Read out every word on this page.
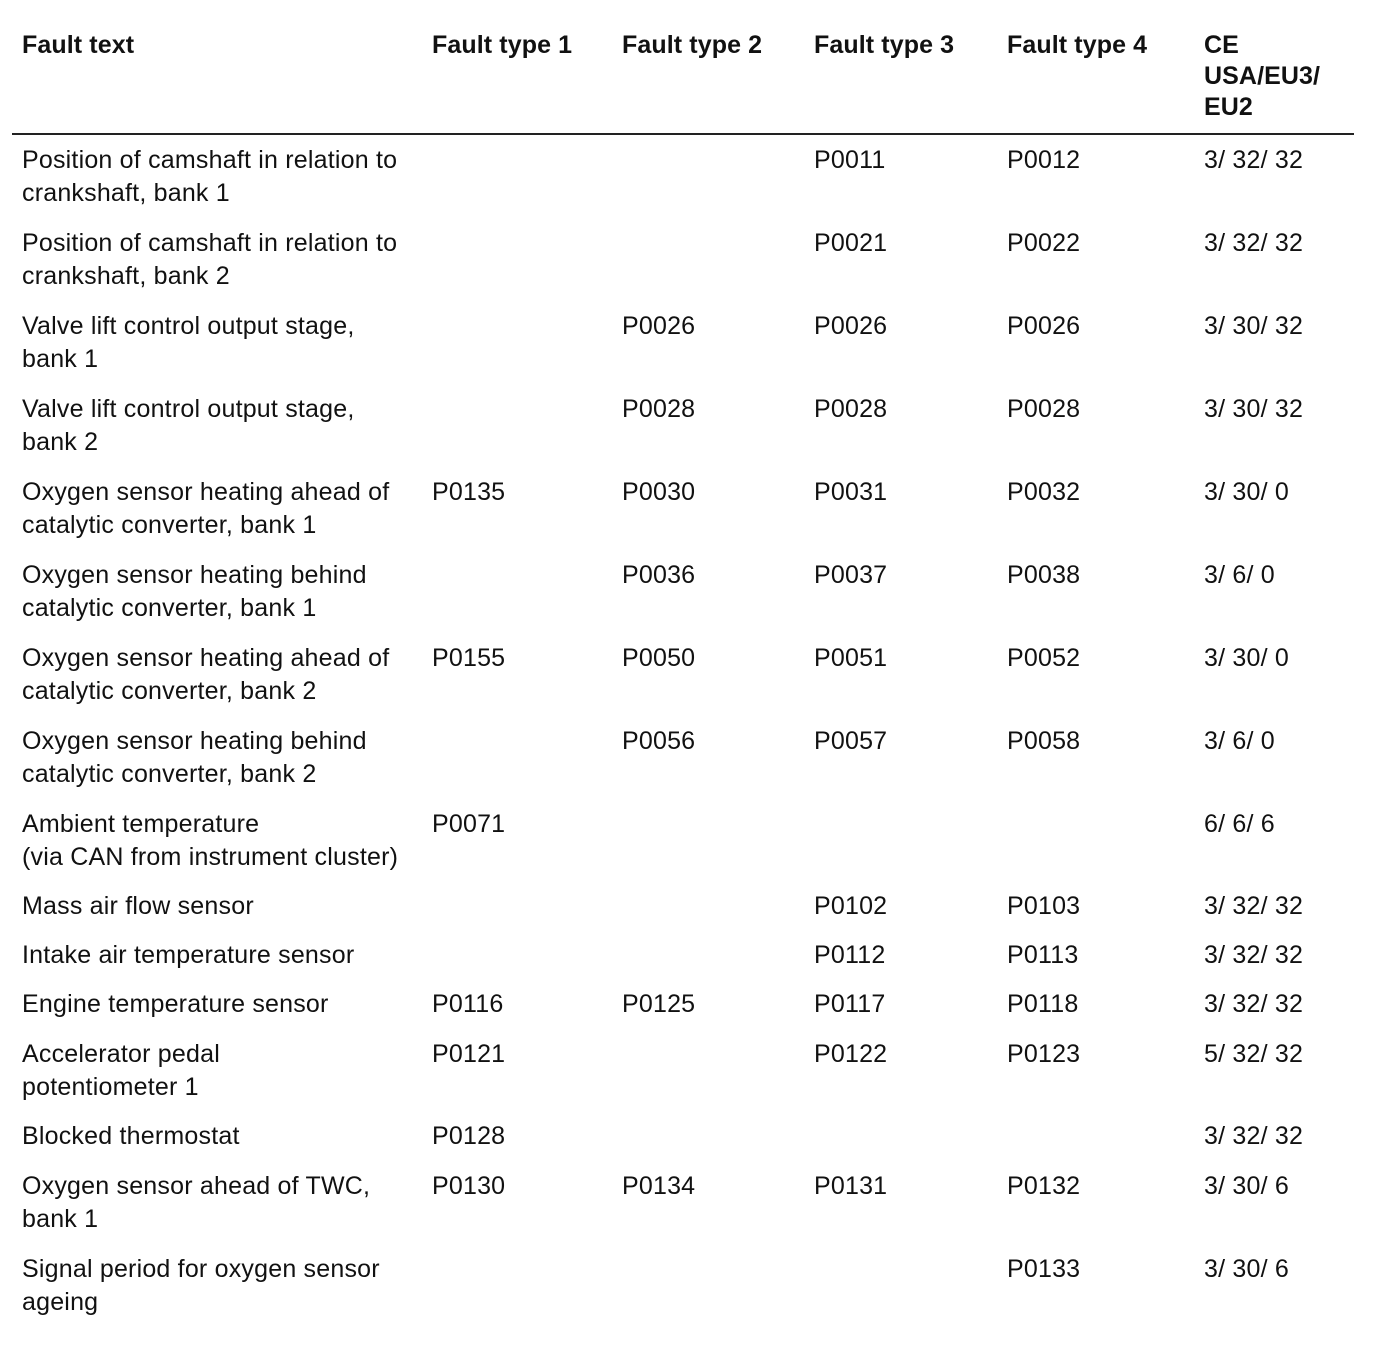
Fault text	Fault type 1	Fault type 2	Fault type 3	Fault type 4	CE
USA/EU3/
EU2

Position of camshaft in relation to
crankshaft, bank 1			P0011	P0012	3/ 32/ 32

Position of camshaft in relation to
crankshaft, bank 2			P0021	P0022	3/ 32/ 32

Valve lift control output stage,
bank 1		P0026	P0026	P0026	3/ 30/ 32

Valve lift control output stage,
bank 2		P0028	P0028	P0028	3/ 30/ 32

Oxygen sensor heating ahead of
catalytic converter, bank 1	P0135	P0030	P0031	P0032	3/ 30/ 0

Oxygen sensor heating behind
catalytic converter, bank 1		P0036	P0037	P0038	3/ 6/ 0

Oxygen sensor heating ahead of
catalytic converter, bank 2	P0155	P0050	P0051	P0052	3/ 30/ 0

Oxygen sensor heating behind
catalytic converter, bank 2		P0056	P0057	P0058	3/ 6/ 0

Ambient temperature
(via CAN from instrument cluster)	P0071				6/ 6/ 6

Mass air flow sensor			P0102	P0103	3/ 32/ 32

Intake air temperature sensor			P0112	P0113	3/ 32/ 32

Engine temperature sensor	P0116	P0125	P0117	P0118	3/ 32/ 32

Accelerator pedal
potentiometer 1	P0121		P0122	P0123	5/ 32/ 32

Blocked thermostat	P0128				3/ 32/ 32

Oxygen sensor ahead of TWC,
bank 1	P0130	P0134	P0131	P0132	3/ 30/ 6

Signal period for oxygen sensor
ageing				P0133	3/ 30/ 6
